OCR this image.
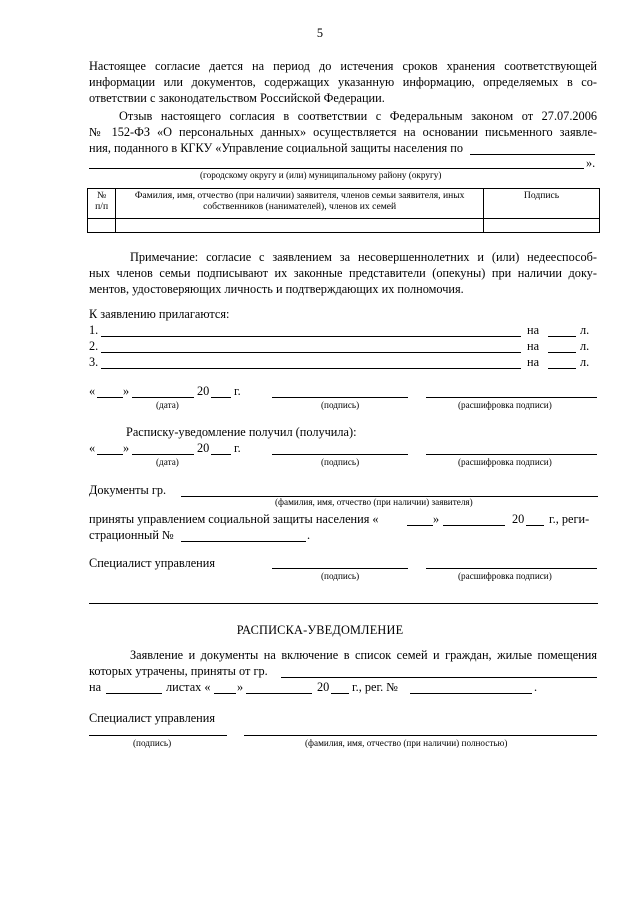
5
Настоящее согласие дается на период до истечения сроков хранения соответствующей
информации или документов, содержащих указанную информацию, определяемых в со-
ответствии с законодательством Российской Федерации.
Отзыв настоящего согласия в соответствии с Федеральным законом от 27.07.2006
№ 152-ФЗ «О персональных данных» осуществляется на основании письменного заявле-
ния, поданного в КГКУ «Управление социальной защиты населения по
».
(городскому округу и (или) муниципальному району (округу)
№
п/п	Фамилия, имя, отчество (при наличии) заявителя, членов семьи заявителя, иных собственников (нанимателей), членов их семей	Подпись

Примечание: согласие с заявлением за несовершеннолетних и (или) недееспособ-
ных членов семьи подписывают их законные представители (опекуны) при наличии доку-
ментов, удостоверяющих личность и подтверждающих их полномочия.
К заявлению прилагаются:
1.	на	л.
2.	на	л.
3.	на	л.
« »	20 г.
(дата)	(подпись)	(расшифровка подписи)
Расписку-уведомление получил (получила):
« »	20 г.
(дата)	(подпись)	(расшифровка подписи)
Документы гр.
(фамилия, имя, отчество (при наличии) заявителя)
приняты управлением социальной защиты населения «	»	20 г., реги-
страционный №	.
Специалист управления
(подпись)	(расшифровка подписи)
РАСПИСКА-УВЕДОМЛЕНИЕ
Заявление и документы на включение в список семей и граждан, жилые помещения
которых утрачены, приняты от гр.
на	листах « »	20 г., рег. №	.
Специалист управления
(подпись)	(фамилия, имя, отчество (при наличии) полностью)
